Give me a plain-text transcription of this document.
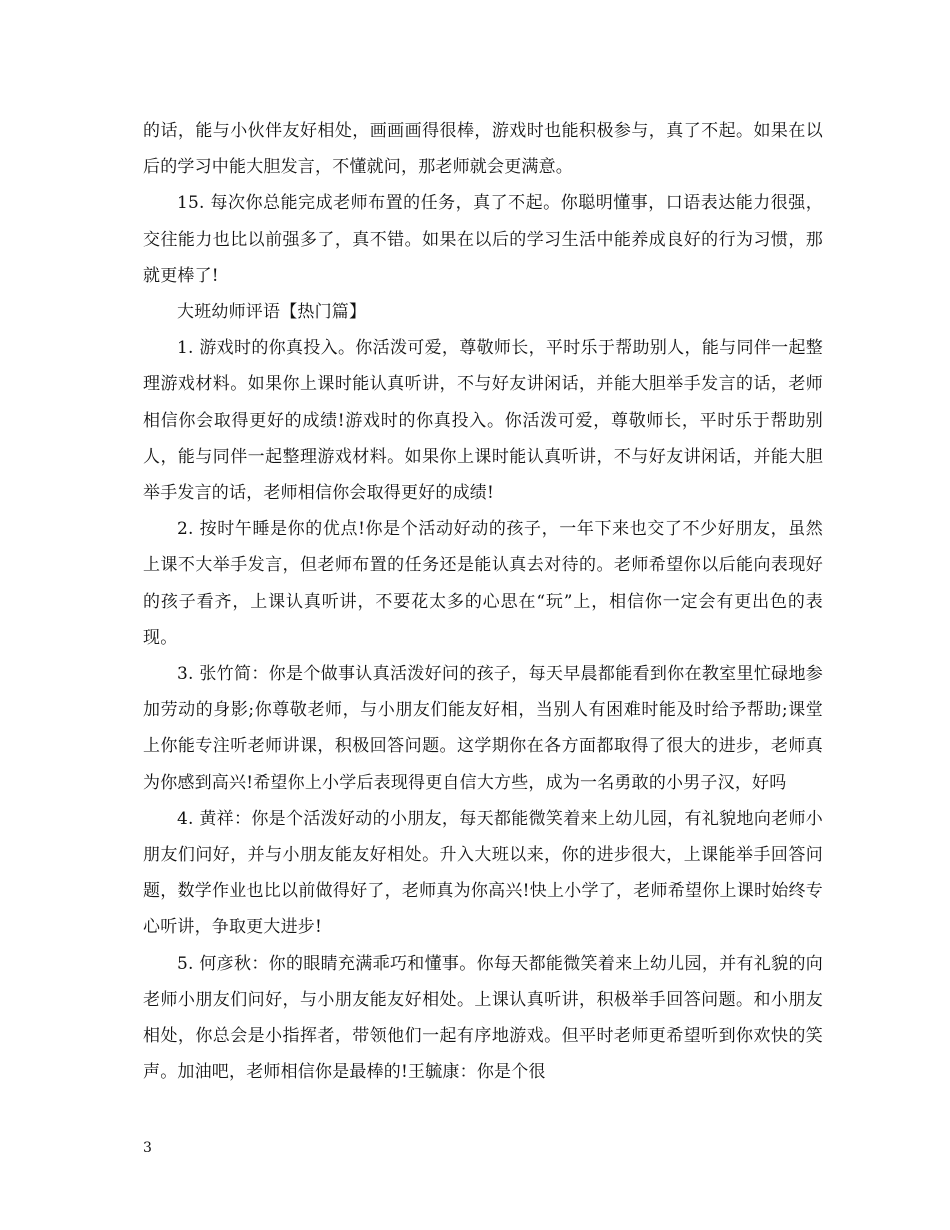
的话，能与小伙伴友好相处，画画画得很棒，游戏时也能积极参与，真了不起。如果在以后的学习中能大胆发言，不懂就问，那老师就会更满意。

15. 每次你总能完成老师布置的任务，真了不起。你聪明懂事，口语表达能力很强，交往能力也比以前强多了，真不错。如果在以后的学习生活中能养成良好的行为习惯，那就更棒了!

大班幼师评语【热门篇】

1. 游戏时的你真投入。你活泼可爱，尊敬师长，平时乐于帮助别人，能与同伴一起整理游戏材料。如果你上课时能认真听讲，不与好友讲闲话，并能大胆举手发言的话，老师相信你会取得更好的成绩!游戏时的你真投入。你活泼可爱，尊敬师长，平时乐于帮助别人，能与同伴一起整理游戏材料。如果你上课时能认真听讲，不与好友讲闲话，并能大胆举手发言的话，老师相信你会取得更好的成绩!

2. 按时午睡是你的优点!你是个活动好动的孩子，一年下来也交了不少好朋友，虽然上课不大举手发言，但老师布置的任务还是能认真去对待的。老师希望你以后能向表现好的孩子看齐，上课认真听讲，不要花太多的心思在“玩”上，相信你一定会有更出色的表现。

3. 张竹简：你是个做事认真活泼好问的孩子，每天早晨都能看到你在教室里忙碌地参加劳动的身影;你尊敬老师，与小朋友们能友好相，当别人有困难时能及时给予帮助;课堂上你能专注听老师讲课，积极回答问题。这学期你在各方面都取得了很大的进步，老师真为你感到高兴!希望你上小学后表现得更自信大方些，成为一名勇敢的小男子汉，好吗

4. 黄祥：你是个活泼好动的小朋友，每天都能微笑着来上幼儿园，有礼貌地向老师小朋友们问好，并与小朋友能友好相处。升入大班以来，你的进步很大，上课能举手回答问题，数学作业也比以前做得好了，老师真为你高兴!快上小学了，老师希望你上课时始终专心听讲，争取更大进步!

5. 何彦秋：你的眼睛充满乖巧和懂事。你每天都能微笑着来上幼儿园，并有礼貌的向老师小朋友们问好，与小朋友能友好相处。上课认真听讲，积极举手回答问题。和小朋友相处，你总会是小指挥者，带领他们一起有序地游戏。但平时老师更希望听到你欢快的笑声。加油吧，老师相信你是最棒的!王毓康：你是个很

3
